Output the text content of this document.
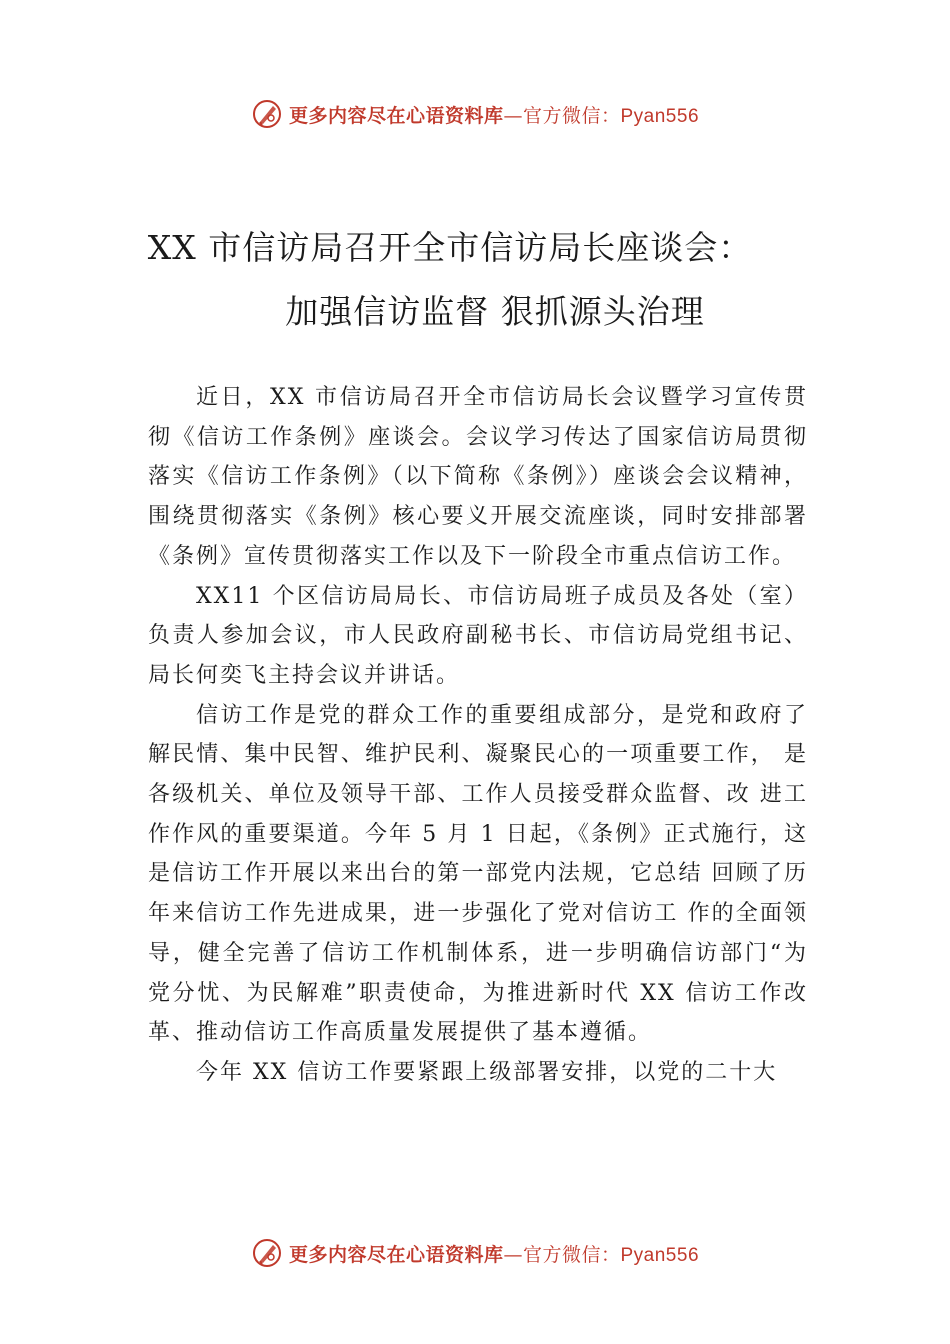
更多内容尽在心语资料库—官方微信：Pyan556
XX 市信访局召开全市信访局长座谈会：
加强信访监督 狠抓源头治理

近日，XX 市信访局召开全市信访局长会议暨学习宣传贯彻《信访工作条例》座谈会。会议学习传达了国家信访局贯彻落实《信访工作条例》（以下简称《条例》）座谈会会议精神，围绕贯彻落实《条例》核心要义开展交流座谈，同时安排部署《条例》宣传贯彻落实工作以及下一阶段全市重点信访工作。

XX11 个区信访局局长、市信访局班子成员及各处（室）负责人参加会议，市人民政府副秘书长、市信访局党组书记、局长何奕飞主持会议并讲话。

信访工作是党的群众工作的重要组成部分，是党和政府了解民情、集中民智、维护民利、凝聚民心的一项重要工作， 是各级机关、单位及领导干部、工作人员接受群众监督、改 进工作作风的重要渠道。今年 5 月 1 日起，《条例》正式施行，这是信访工作开展以来出台的第一部党内法规，它总结 回顾了历年来信访工作先进成果，进一步强化了党对信访工 作的全面领导，健全完善了信访工作机制体系，进一步明确信访部门“为党分忧、为民解难”职责使命，为推进新时代 XX 信访工作改革、推动信访工作高质量发展提供了基本遵循。

今年 XX 信访工作要紧跟上级部署安排，以党的二十大

更多内容尽在心语资料库—官方微信：Pyan556
